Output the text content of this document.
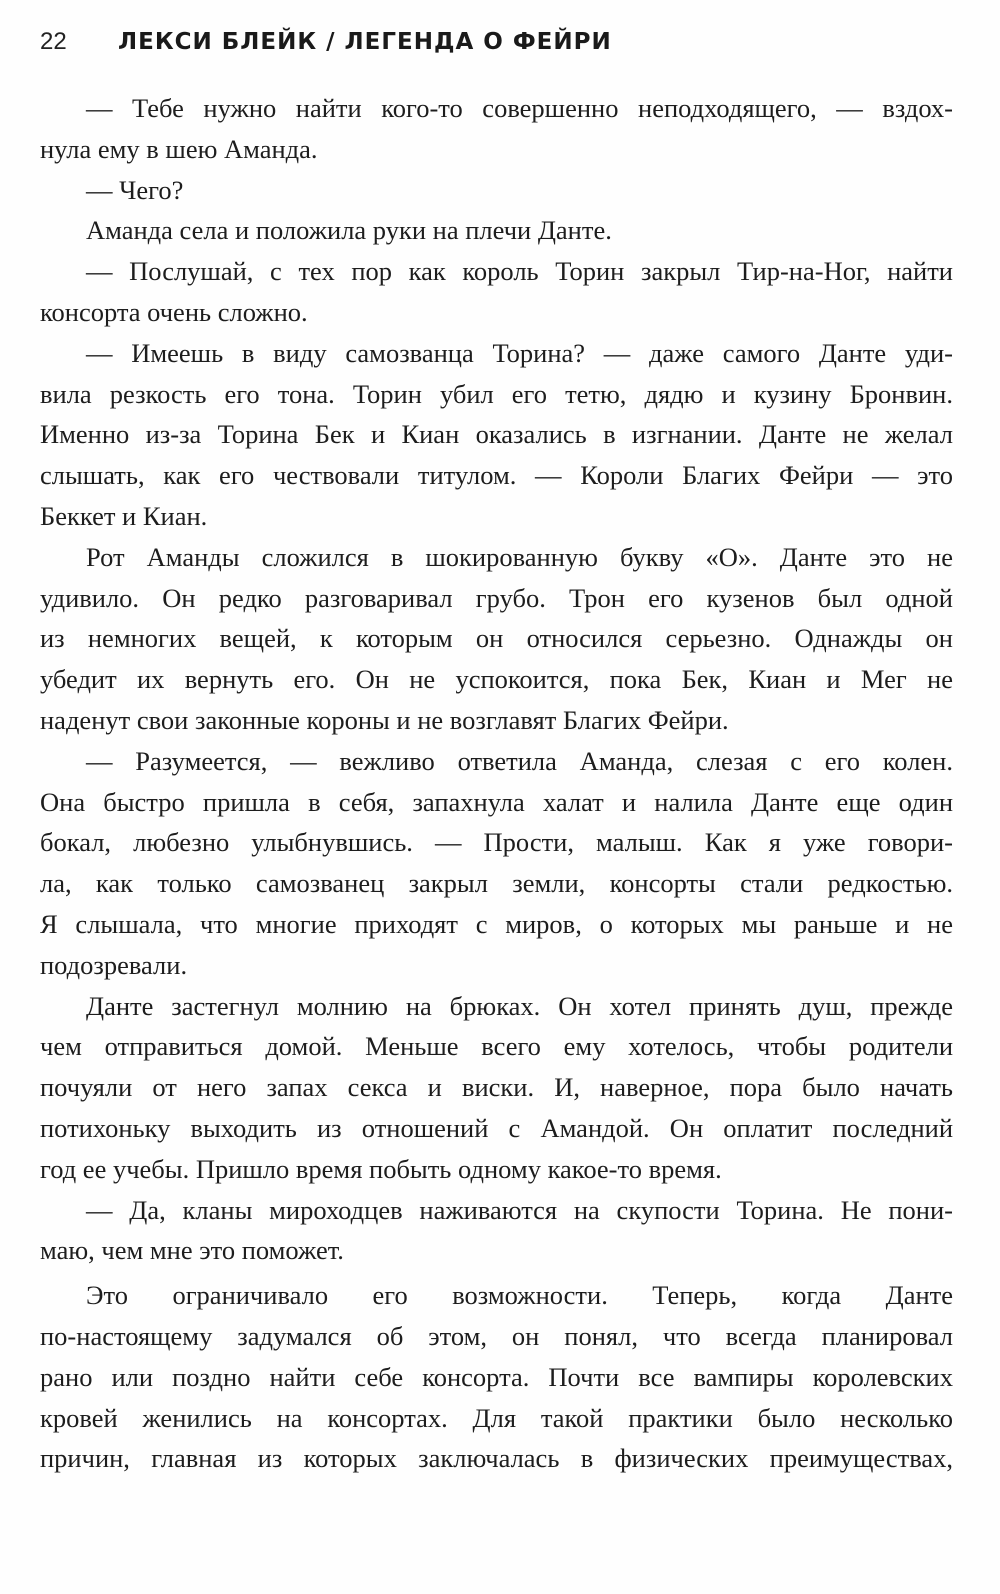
22	ЛЕКСИ БЛЕЙК / ЛЕГЕНДА О ФЕЙРИ
— Тебе нужно найти кого-то совершенно неподходящего, — вздох-
нула ему в шею Аманда.
— Чего?
Аманда села и положила руки на плечи Данте.
— Послушай, с тех пор как король Торин закрыл Тир-на-Ног, найти
консорта очень сложно.
— Имеешь в виду самозванца Торина? — даже самого Данте уди-
вила резкость его тона. Торин убил его тетю, дядю и кузину Бронвин.
Именно из-за Торина Бек и Киан оказались в изгнании. Данте не желал
слышать, как его чествовали титулом. — Короли Благих Фейри — это
Беккет и Киан.
Рот Аманды сложился в шокированную букву «О». Данте это не
удивило. Он редко разговаривал грубо. Трон его кузенов был одной
из немногих вещей, к которым он относился серьезно. Однажды он
убедит их вернуть его. Он не успокоится, пока Бек, Киан и Мег не
наденут свои законные короны и не возглавят Благих Фейри.
— Разумеется, — вежливо ответила Аманда, слезая с его колен.
Она быстро пришла в себя, запахнула халат и налила Данте еще один
бокал, любезно улыбнувшись. — Прости, малыш. Как я уже говори-
ла, как только самозванец закрыл земли, консорты стали редкостью.
Я слышала, что многие приходят с миров, о которых мы раньше и не
подозревали.
Данте застегнул молнию на брюках. Он хотел принять душ, прежде
чем отправиться домой. Меньше всего ему хотелось, чтобы родители
почуяли от него запах секса и виски. И, наверное, пора было начать
потихоньку выходить из отношений с Амандой. Он оплатит последний
год ее учебы. Пришло время побыть одному какое-то время.
— Да, кланы мироходцев наживаются на скупости Торина. Не пони-
маю, чем мне это поможет.
Это ограничивало его возможности. Теперь, когда Данте
по-настоящему задумался об этом, он понял, что всегда планировал
рано или поздно найти себе консорта. Почти все вампиры королевских
кровей женились на консортах. Для такой практики было несколько
причин, главная из которых заключалась в физических преимуществах,
